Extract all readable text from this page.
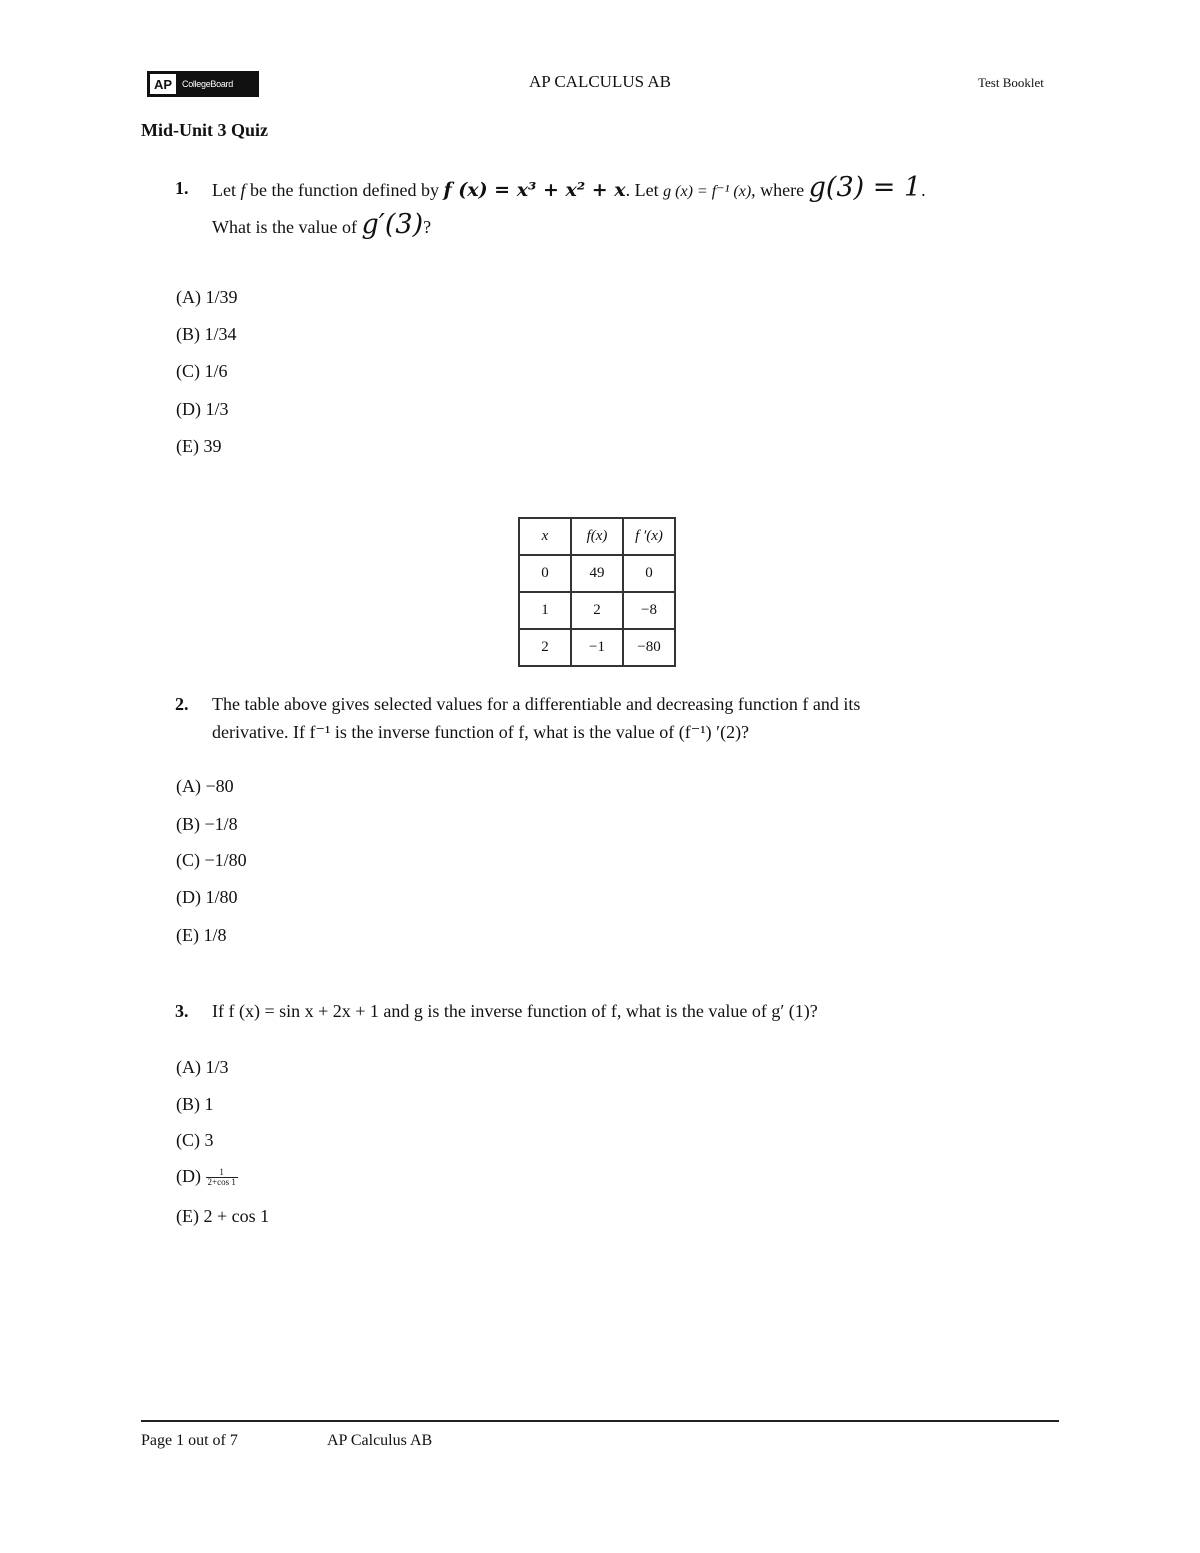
AP	CollegeBoard	AP CALCULUS AB	Test Booklet
Mid-Unit 3 Quiz
1. Let f be the function defined by f (x) = x³ + x² + x. Let g (x) = f⁻¹ (x), where g(3) = 1.
What is the value of g′(3)?
(A) 1/39
(B) 1/34
(C) 1/6
(D) 1/3
(E) 39
x	f(x)	f ′(x)
0	49	0
1	2	−8
2	−1	−80
2. The table above gives selected values for a differentiable and decreasing function f and its
derivative. If f⁻¹ is the inverse function of f, what is the value of (f⁻¹) ′(2)?
(A) −80
(B) −1/8
(C) −1/80
(D) 1/80
(E) 1/8
3. If f (x) = sin x + 2x + 1 and g is the inverse function of f, what is the value of g′ (1)?
(A) 1/3
(B) 1
(C) 3
$(D) \frac{1}{2+\cos 1}$
(E) 2 + cos 1
Page 1 out of 7	AP Calculus AB
